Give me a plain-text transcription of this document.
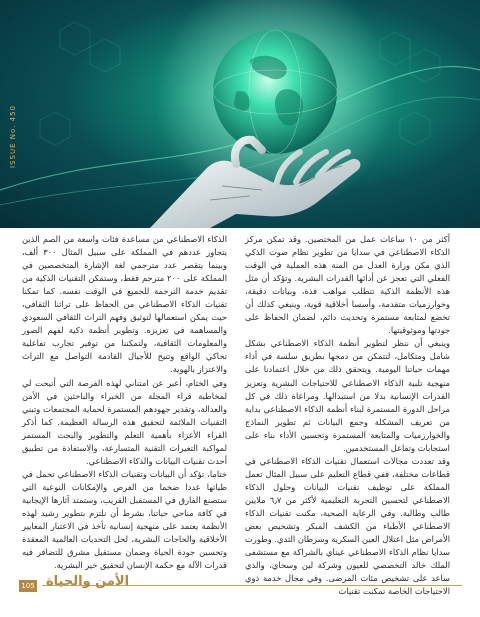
ISSUE No. 450

أكثر من ١٠ ساعات عمل من المختصين. وقد تمكن مركز الذكاء الاصطناعي في سدايا من تطوير نظام صوت الذكي الذي مكن وزارة العدل من المنة هذه العملية في الوقت الفعلي التي تعجز عن أدائها القدرات البشرية. وتؤكد أن مثل هذه الأنظمة الذكية تتطلب مواهب فذة، وبيانات دقيقة، وخوارزميات متقدمة، وأسسا أخلاقية قوية، وينبغي كذلك أن تخضع لمتابعة مستمرة وتحديث دائم، لضمان الحفاظ على جودتها وموثوقيتها.

وينبغي أن ننظر لتطوير أنظمة الذكاء الاصطناعي بشكل شامل ومتكامل، لتتمكن من دمجها بطريق سلسة في أداء مهمات حياتنا اليومية. ويتحقق ذلك من خلال اعتمادنا على منهجية تلبية الذكاء الاصطناعي للاحتياجات البشرية وتعزيز القدرات الإنسانية بدلا من استبدالها. ومراعاة ذلك في كل مراحل الدورة المستمرة لبناء أنظمة الذكاء الاصطناعي بداية من تعريف المشكلة وجمع البيانات ثم تطوير النماذج والخوارزميات والمتابعة المستمرة وتحسين الأداء بناء على استجابات وتفاعل المستخدمين.

وقد تعددت مجالات استعمال تقنيات الذكاء الاصطناعي في قطاعات مختلفة، ففي قطاع التعليم على سبيل المثال تعمل المملكة على توظيف تقنيات البيانات وحلول الذكاء الاصطناعي لتحسين التجربة التعليمية لأكثر من ٦٫٧ ملايين طالب وطالبة. وفي الرعاية الصحية، مكنت تقنيات الذكاء الاصطناعي الأطباء من الكشف المبكر وتشخيص بعض الأمراض مثل اعتلال العين السكرية وسرطان الثدي. وطورت سدايا نظام الذكاء الاصطناعي عيناي بالشراكة مع مستشفى الملك خالد التخصصي للعيون وشركة لين وسحاي، والذي ساعد على تشخيص مئات المرضى. وفي مجال خدمة ذوي الاحتياجات الخاصة تمكنت تقنيات

الذكاء الاصطناعي من مساعدة فئات واسعة من الصم الذين يتجاوز عددهم في المملكة على سبيل المثال ٣٠٠ ألف، وبينما يتقصر عدد مترجمي لغة الإشارة المتخصصين في المملكة على ٢٠٠ مترجم فقط، وستمكن التقنيات الذكية من تقديم خدمة الترجمة للجميع في الوقت نفسه. كما تمكنا تقنيات الذكاء الاصطناعي من الحفاظ على تراثنا الثقافي، حيث يمكن استعمالها لتوثيق وفهم التراث الثقافي السعودي والمساهمة في تعزيزه. وتطوير أنظمة ذكية لفهم الصور والمعلومات الثقافية، ولتمكننا من توفير تجارب تفاعلية تحاكي الواقع وتتيح للأجيال القادمة التواصل مع التراث والاعتزاز بالهوية.

وفي الختام، أعبر عن امتناني لهذه الفرصة التي أتيحت لي لمخاطبة قراء المجلة من الخبراء والباحثين في الأمن والعدالة، وتقدير جهودهم المستمرة لحماية المجتمعات وتبني التقنيات الملائمة لتحقيق هذه الرسالة العظيمة. كما أذكر القراء الأعزاء بأهمية التعلم والتطوير والبحث المستمر لمواكبة التغيرات التقنية المتسارعة، والاستفادة من تطبيق أحدث تقنيات البيانات والذكاء الاصطناعي.

ختاما، تؤكد أن البيانات وتقنيات الذكاء الاصطناعي تحمل في طياتها عددا ضخما من الفرص والإمكانات النوعية التي ستصنع الفارق في المستقبل القريب، وستمتد آثارها الإيجابية في كافة مناحي حياتنا، بشرط أن نلتزم بتطوير رشيد لهذه الأنظمة يعتمد على منهجية إنسانية تأخذ في الاعتبار المعايير الأخلاقية والحاجات البشرية، لحل التحديات العالمية المعقدة وتحسين جودة الحياة وضمان مستقبل مشرق للتضافر فيه قدرات الآلة مع حكمة الإنسان لتحقيق خير البشرية.

105 الأمن والحياة
